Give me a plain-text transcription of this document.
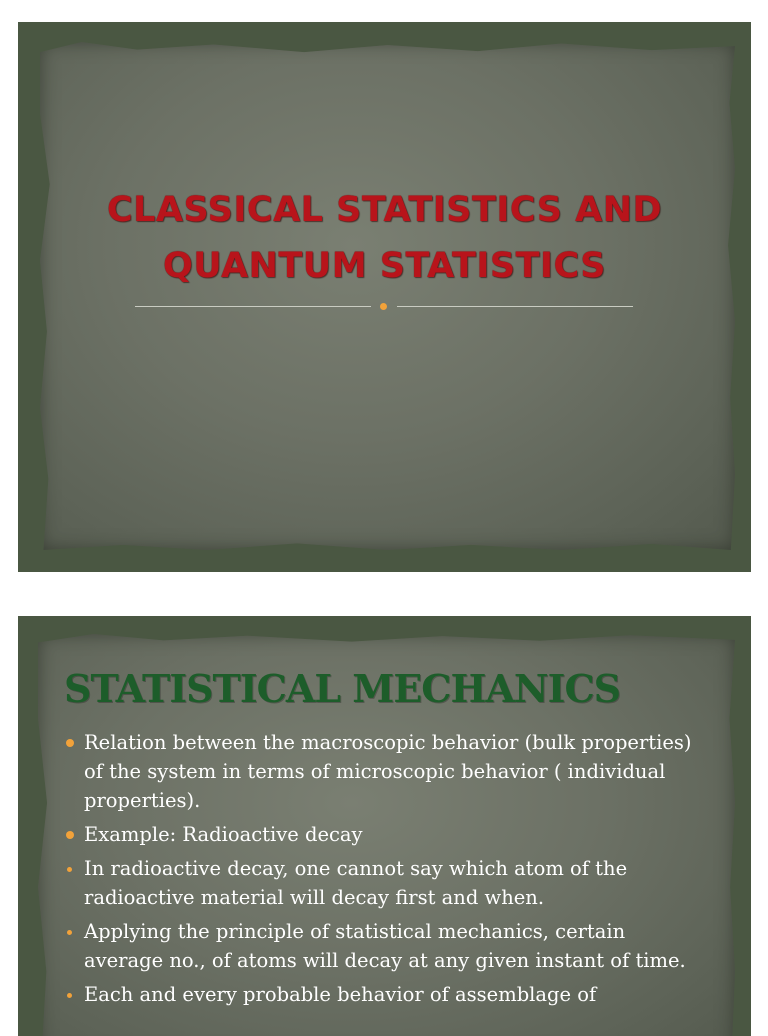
CLASSICAL STATISTICS AND
QUANTUM STATISTICS
STATISTICAL MECHANICS
Relation between the macroscopic behavior (bulk properties) of the system in terms of microscopic behavior ( individual properties).
Example: Radioactive decay
In radioactive decay, one cannot say which atom of the radioactive material will decay first and when.
Applying the principle of statistical mechanics, certain average no., of atoms will decay at any given instant of time.
Each and every probable behavior of assemblage of
